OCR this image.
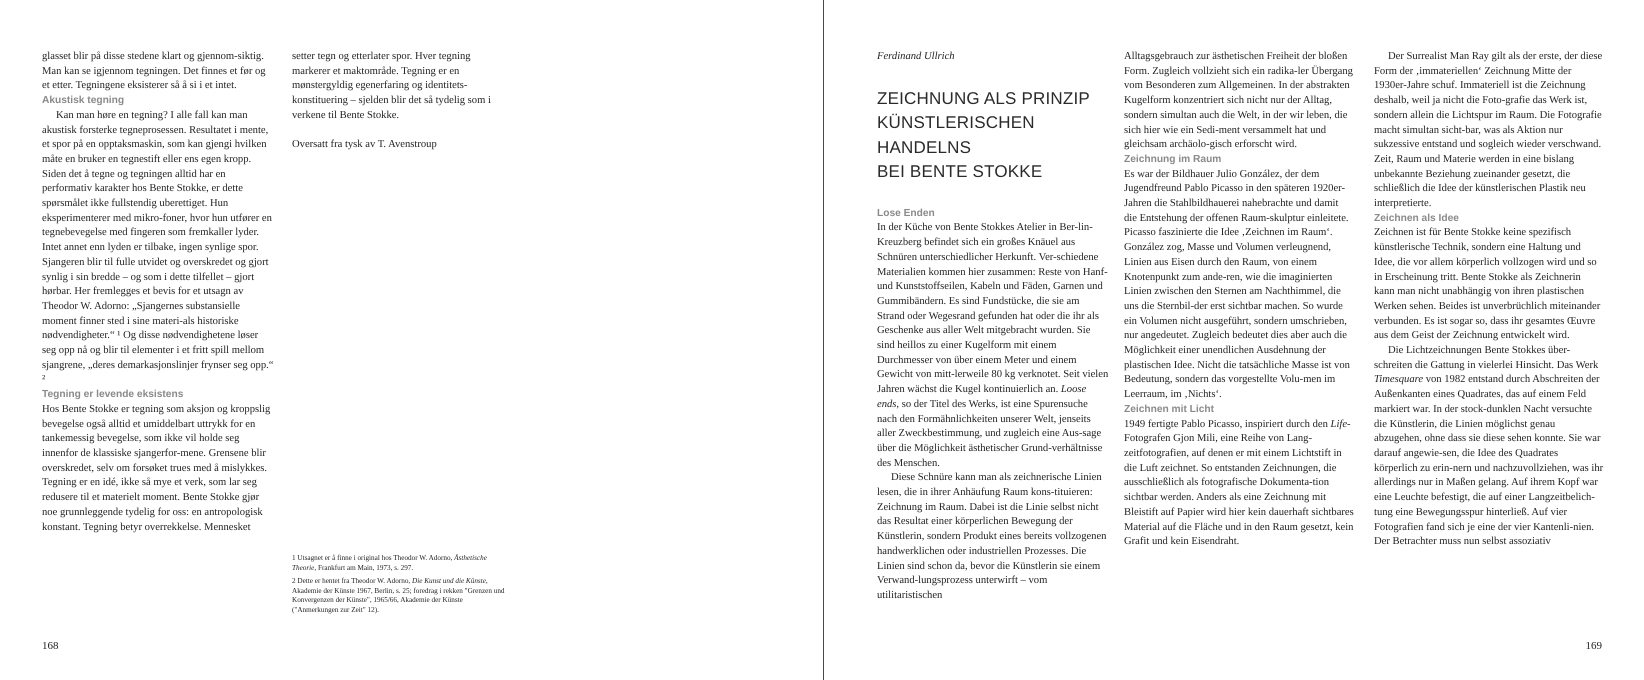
glasset blir på disse stedene klart og gjennom-siktig. Man kan se igjennom tegningen. Det finnes et før og et etter. Tegningene eksisterer så å si i et intet.

Akustisk tegning

Kan man høre en tegning? I alle fall kan man akustisk forsterke tegneprosessen. Resultatet i mente, et spor på en opptaksmaskin, som kan gjengi hvilken måte en bruker en tegnestift eller ens egen kropp. Siden det å tegne og tegningen alltid har en performativ karakter hos Bente Stokke, er dette spørsmålet ikke fullstendig uberettiget. Hun eksperimenterer med mikro-foner, hvor hun utfører en tegnebevegelse med fingeren som fremkaller lyder. Intet annet enn lyden er tilbake, ingen synlige spor. Sjangeren blir til fulle utvidet og overskredet og gjort synlig i sin bredde – og som i dette tilfellet – gjort hørbar. Her fremlegges et bevis for et utsagn av Theodor W. Adorno: „Sjangernes substansielle moment finner sted i sine materi-als historiske nødvendigheter.“ ¹ Og disse nødvendighetene løser seg opp nå og blir til elementer i et fritt spill mellom sjangrene, „deres demarkasjonslinjer frynser seg opp.“ ²

Tegning er levende eksistens

Hos Bente Stokke er tegning som aksjon og kroppslig bevegelse også alltid et umiddelbart uttrykk for en tankemessig bevegelse, som ikke vil holde seg innenfor de klassiske sjangerfor-mene. Grensene blir overskredet, selv om forsøket trues med å mislykkes. Tegning er en idé, ikke så mye et verk, som lar seg redusere til et materielt moment. Bente Stokke gjør noe grunnleggende tydelig for oss: en antropologisk konstant. Tegning betyr overrekkelse. Mennesket

setter tegn og etterlater spor. Hver tegning markerer et maktområde. Tegning er en mønstergyldig egenerfaring og identitets-konstituering – sjelden blir det så tydelig som i verkene til Bente Stokke.

Oversatt fra tysk av T. Avenstroup

1 Utsagnet er å finne i original hos Theodor W. Adorno, Ästhetische Theorie, Frankfurt am Main, 1973, s. 297.

2 Dette er hentet fra Theodor W. Adorno, Die Kunst und die Künste, Akademie der Künste 1967, Berlin, s. 25; foredrag i rekken "Grenzen und Konvergenzen der Künste", 1965/66, Akademie der Künste ("Anmerkungen zur Zeit" 12).

168
Ferdinand Ullrich
ZEICHNUNG ALS PRINZIP
KÜNSTLERISCHEN
HANDELNS
BEI BENTE STOKKE

Lose Enden

In der Küche von Bente Stokkes Atelier in Ber-lin-Kreuzberg befindet sich ein großes Knäuel aus Schnüren unterschiedlicher Herkunft. Ver-schiedene Materialien kommen hier zusammen: Reste von Hanf- und Kunststoffseilen, Kabeln und Fäden, Garnen und Gummibändern. Es sind Fundstücke, die sie am Strand oder Wegesrand gefunden hat oder die ihr als Geschenke aus aller Welt mitgebracht wurden. Sie sind heillos zu einer Kugelform mit einem Durchmesser von über einem Meter und einem Gewicht von mitt-lerweile 80 kg verknotet. Seit vielen Jahren wächst die Kugel kontinuierlich an. Loose ends, so der Titel des Werks, ist eine Spurensuche nach den Formähnlichkeiten unserer Welt, jenseits aller Zweckbestimmung, und zugleich eine Aus-sage über die Möglichkeit ästhetischer Grund-verhältnisse des Menschen.

Diese Schnüre kann man als zeichnerische Linien lesen, die in ihrer Anhäufung Raum kons-tituieren: Zeichnung im Raum. Dabei ist die Linie selbst nicht das Resultat einer körperlichen Bewegung der Künstlerin, sondern Produkt eines bereits vollzogenen handwerklichen oder industriellen Prozesses. Die Linien sind schon da, bevor die Künstlerin sie einem Verwand-lungsprozess unterwirft – vom utilitaristischen

Alltagsgebrauch zur ästhetischen Freiheit der bloßen Form. Zugleich vollzieht sich ein radika-ler Übergang vom Besonderen zum Allgemeinen. In der abstrakten Kugelform konzentriert sich nicht nur der Alltag, sondern simultan auch die Welt, in der wir leben, die sich hier wie ein Sedi-ment versammelt hat und gleichsam archäolo-gisch erforscht wird.

Zeichnung im Raum

Es war der Bildhauer Julio González, der dem Jugendfreund Pablo Picasso in den späteren 1920er-Jahren die Stahlbildhauerei nahebrachte und damit die Entstehung der offenen Raum-skulptur einleitete. Picasso faszinierte die Idee ‚Zeichnen im Raum‘. González zog, Masse und Volumen verleugnend, Linien aus Eisen durch den Raum, von einem Knotenpunkt zum ande-ren, wie die imaginierten Linien zwischen den Sternen am Nachthimmel, die uns die Sternbil-der erst sichtbar machen. So wurde ein Volumen nicht ausgeführt, sondern umschrieben, nur angedeutet. Zugleich bedeutet dies aber auch die Möglichkeit einer unendlichen Ausdehnung der plastischen Idee. Nicht die tatsächliche Masse ist von Bedeutung, sondern das vorgestellte Volu-men im Leerraum, im ‚Nichts‘.

Zeichnen mit Licht

1949 fertigte Pablo Picasso, inspiriert durch den Life-Fotografen Gjon Mili, eine Reihe von Lang-zeitfotografien, auf denen er mit einem Lichtstift in die Luft zeichnet. So entstanden Zeichnungen, die ausschließlich als fotografische Dokumenta-tion sichtbar werden. Anders als eine Zeichnung mit Bleistift auf Papier wird hier kein dauerhaft sichtbares Material auf die Fläche und in den Raum gesetzt, kein Grafit und kein Eisendraht.

Der Surrealist Man Ray gilt als der erste, der diese Form der ‚immateriellen‘ Zeichnung Mitte der 1930er-Jahre schuf. Immateriell ist die Zeichnung deshalb, weil ja nicht die Foto-grafie das Werk ist, sondern allein die Lichtspur im Raum. Die Fotografie macht simultan sicht-bar, was als Aktion nur sukzessive entstand und sogleich wieder verschwand. Zeit, Raum und Materie werden in eine bislang unbekannte Beziehung zueinander gesetzt, die schließlich die Idee der künstlerischen Plastik neu interpretierte.

Zeichnen als Idee

Zeichnen ist für Bente Stokke keine spezifisch künstlerische Technik, sondern eine Haltung und Idee, die vor allem körperlich vollzogen wird und so in Erscheinung tritt. Bente Stokke als Zeichnerin kann man nicht unabhängig von ihren plastischen Werken sehen. Beides ist unverbrüchlich miteinander verbunden. Es ist sogar so, dass ihr gesamtes Œuvre aus dem Geist der Zeichnung entwickelt wird.

Die Lichtzeichnungen Bente Stokkes über-schreiten die Gattung in vielerlei Hinsicht. Das Werk Timesquare von 1982 entstand durch Abschreiten der Außenkanten eines Quadrates, das auf einem Feld markiert war. In der stock-dunklen Nacht versuchte die Künstlerin, die Linien möglichst genau abzugehen, ohne dass sie diese sehen konnte. Sie war darauf angewie-sen, die Idee des Quadrates körperlich zu erin-nern und nachzuvollziehen, was ihr allerdings nur in Maßen gelang. Auf ihrem Kopf war eine Leuchte befestigt, die auf einer Langzeitbelich-tung eine Bewegungsspur hinterließ. Auf vier Fotografien fand sich je eine der vier Kantenli-nien. Der Betrachter muss nun selbst assoziativ

169
